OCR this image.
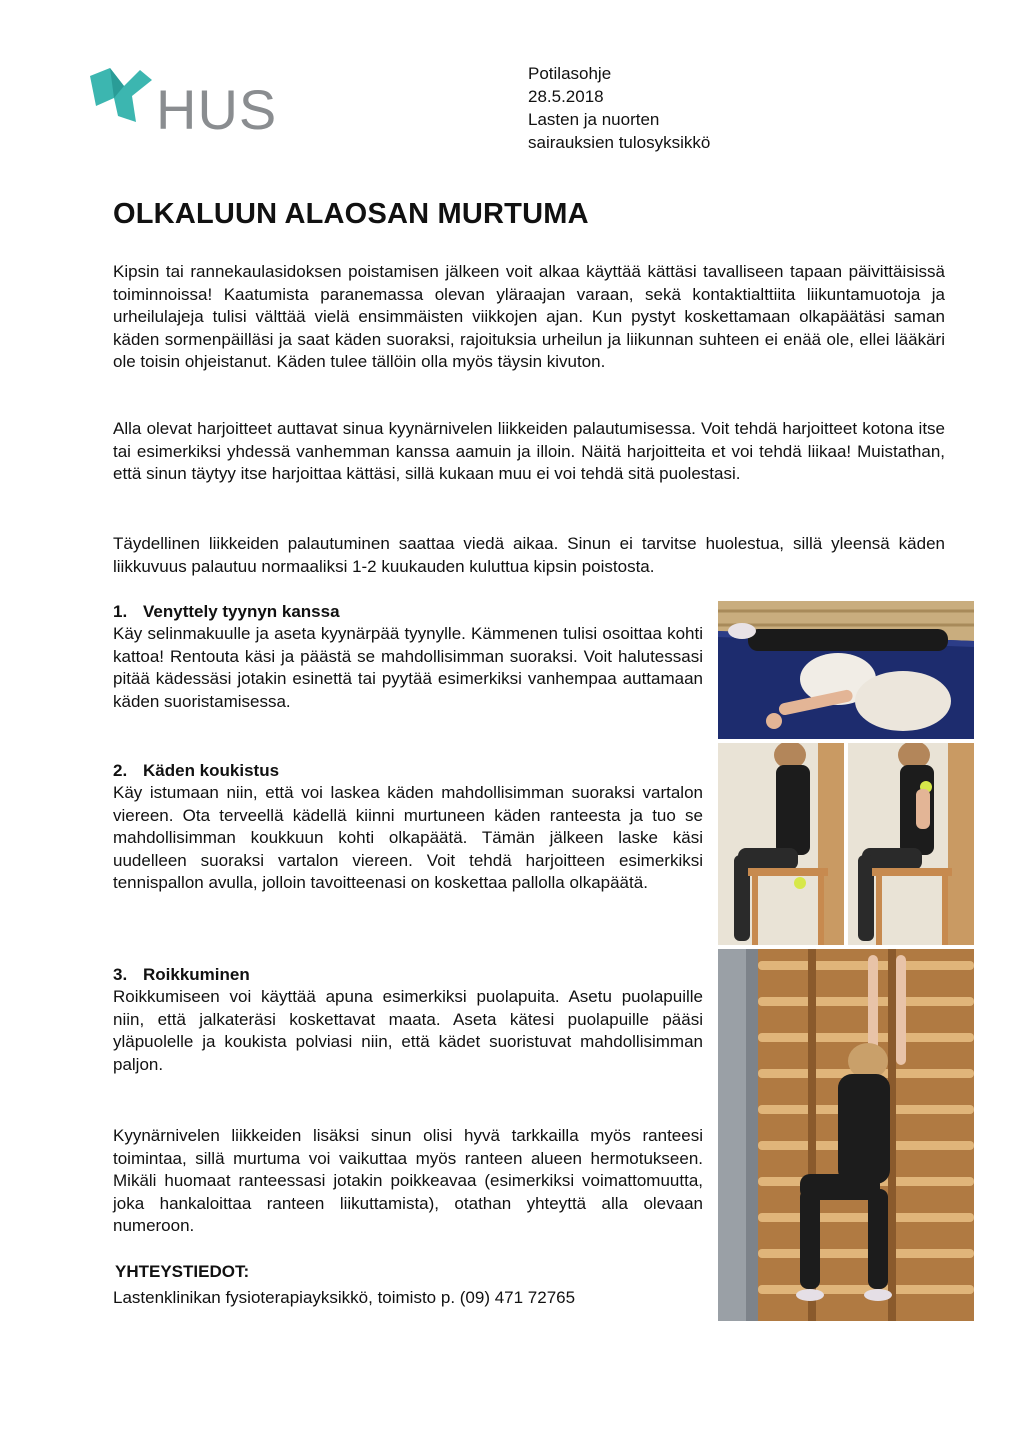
HUS
Potilasohje
28.5.2018
Lasten ja nuorten
sairauksien tulosyksikkö
OLKALUUN ALAOSAN MURTUMA

Kipsin tai rannekaulasidoksen poistamisen jälkeen voit alkaa käyttää kättäsi tavalliseen tapaan päivittäisissä toiminnoissa! Kaatumista paranemassa olevan yläraajan varaan, sekä kontaktialttiita liikuntamuotoja ja urheilulajeja tulisi välttää vielä ensimmäisten viikkojen ajan. Kun pystyt koskettamaan olkapäätäsi saman käden sormenpäilläsi ja saat käden suoraksi, rajoituksia urheilun ja liikunnan suhteen ei enää ole, ellei lääkäri ole toisin ohjeistanut. Käden tulee tällöin olla myös täysin kivuton.

Alla olevat harjoitteet auttavat sinua kyynärnivelen liikkeiden palautumisessa. Voit tehdä harjoitteet kotona itse tai esimerkiksi yhdessä vanhemman kanssa aamuin ja illoin. Näitä harjoitteita et voi tehdä liikaa! Muistathan, että sinun täytyy itse harjoittaa kättäsi, sillä kukaan muu ei voi tehdä sitä puolestasi.

Täydellinen liikkeiden palautuminen saattaa viedä aikaa. Sinun ei tarvitse huolestua, sillä yleensä käden liikkuvuus palautuu normaaliksi 1-2 kuukauden kuluttua kipsin poistosta.

1. Venyttely tyynyn kanssa

Käy selinmakuulle ja aseta kyynärpää tyynylle. Kämmenen tulisi osoittaa kohti kattoa! Rentouta käsi ja päästä se mahdollisimman suoraksi. Voit halutessasi pitää kädessäsi jotakin esinettä tai pyytää esimerkiksi vanhempaa auttamaan käden suoristamisessa.

2. Käden koukistus

Käy istumaan niin, että voi laskea käden mahdollisimman suoraksi vartalon viereen. Ota terveellä kädellä kiinni murtuneen käden ranteesta ja tuo se mahdollisimman koukkuun kohti olkapäätä. Tämän jälkeen laske käsi uudelleen suoraksi vartalon viereen. Voit tehdä harjoitteen esimerkiksi tennispallon avulla, jolloin tavoitteenasi on koskettaa pallolla olkapäätä.

3. Roikkuminen

Roikkumiseen voi käyttää apuna esimerkiksi puolapuita. Asetu puolapuille niin, että jalkateräsi koskettavat maata. Aseta kätesi puolapuille pääsi yläpuolelle ja koukista polviasi niin, että kädet suoristuvat mahdollisimman paljon.

Kyynärnivelen liikkeiden lisäksi sinun olisi hyvä tarkkailla myös ranteesi toimintaa, sillä murtuma voi vaikuttaa myös ranteen alueen hermotukseen. Mikäli huomaat ranteessasi jotakin poikkeavaa (esimerkiksi voimattomuutta, joka hankaloittaa ranteen liikuttamista), otathan yhteyttä alla olevaan numeroon.

YHTEYSTIEDOT:

Lastenklinikan fysioterapiayksikkö, toimisto p. (09) 471 72765
